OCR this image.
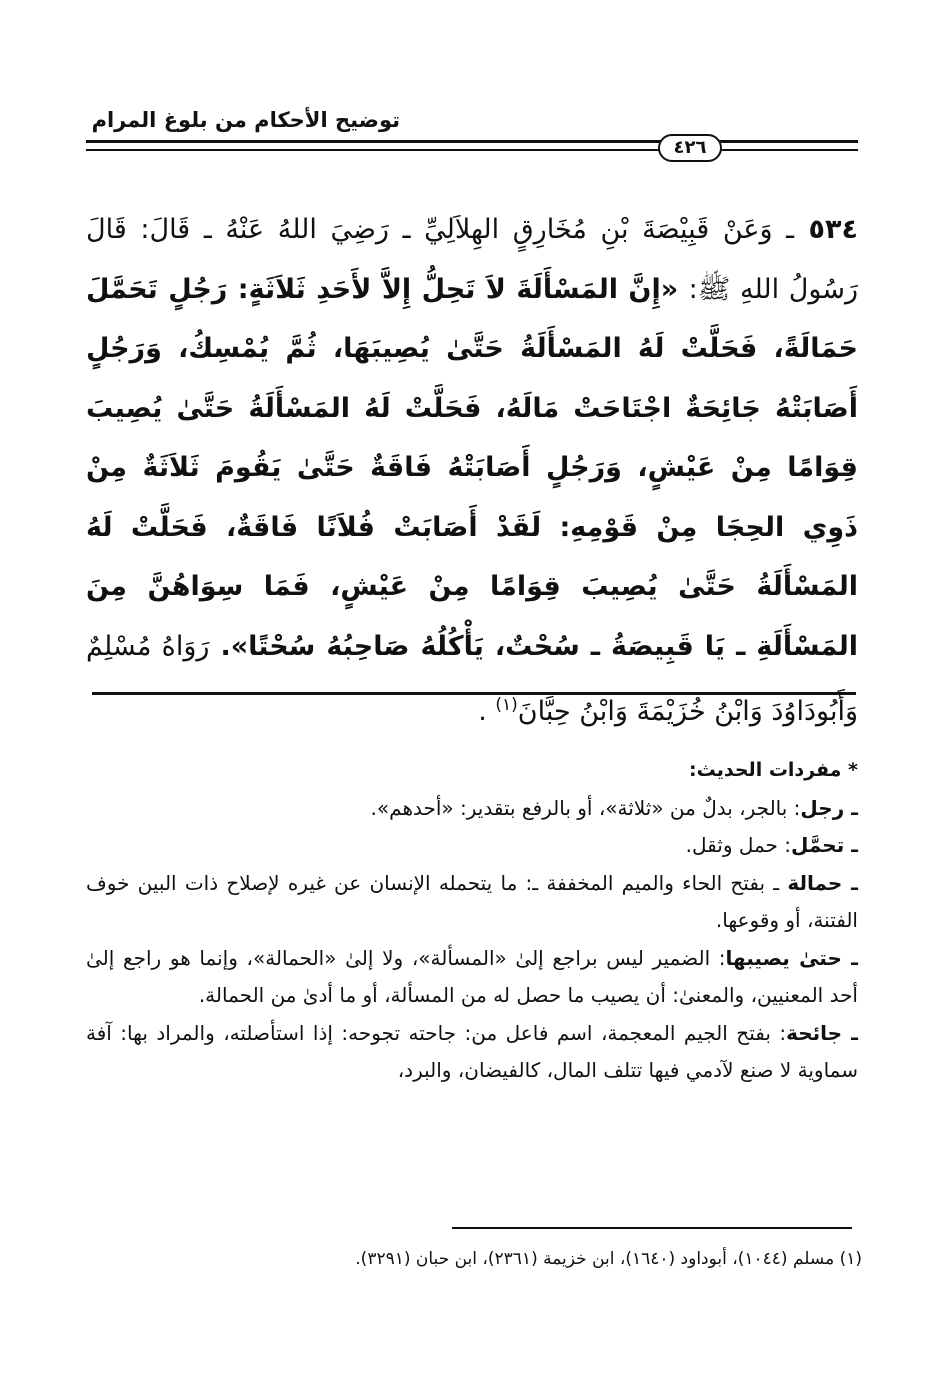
توضيح الأحكام من بلوغ المرام
٤٢٦
٥٣٤ ـ وَعَنْ قَبِيْصَةَ بْنِ مُخَارِقٍ الهِلاَلِيِّ ـ رَضِيَ اللهُ عَنْهُ ـ قَالَ: قَالَ رَسُولُ اللهِ ﷺ: «إِنَّ المَسْأَلَةَ لاَ تَحِلُّ إِلاَّ لأَحَدِ ثَلاَثَةٍ: رَجُلٍ تَحَمَّلَ حَمَالَةً، فَحَلَّتْ لَهُ المَسْأَلَةُ حَتَّىٰ يُصِيبَهَا، ثُمَّ يُمْسِكُ، وَرَجُلٍ أَصَابَتْهُ جَائِحَةٌ اجْتَاحَتْ مَالَهُ، فَحَلَّتْ لَهُ المَسْأَلَةُ حَتَّىٰ يُصِيبَ قِوَامًا مِنْ عَيْشٍ، وَرَجُلٍ أَصَابَتْهُ فَاقَةٌ حَتَّىٰ يَقُومَ ثَلاَثَةٌ مِنْ ذَوِي الحِجَا مِنْ قَوْمِهِ: لَقَدْ أَصَابَتْ فُلاَنًا فَاقَةٌ، فَحَلَّتْ لَهُ المَسْأَلَةُ حَتَّىٰ يُصِيبَ قِوَامًا مِنْ عَيْشٍ، فَمَا سِوَاهُنَّ مِنَ المَسْأَلَةِ ـ يَا قَبِيصَةُ ـ سُحْتٌ، يَأْكُلُهُ صَاحِبُهُ سُحْتًا». رَوَاهُ مُسْلِمٌ وَأَبُودَاوُدَ وَابْنُ خُزَيْمَةَ وَابْنُ حِبَّانَ$^{(١)}$ .
* مفردات الحديث:
ـ رجل: بالجر، بدلٌ من «ثلاثة»، أو بالرفع بتقدير: «أحدهم».
ـ تحمَّل: حمل وثقل.
ـ حمالة ـ بفتح الحاء والميم المخففة ـ: ما يتحمله الإنسان عن غيره لإصلاح ذات البين خوف الفتنة، أو وقوعها.
ـ حتىٰ يصيبها: الضمير ليس براجع إلىٰ «المسألة»، ولا إلىٰ «الحمالة»، وإنما هو راجع إلىٰ أحد المعنيين، والمعنىٰ: أن يصيب ما حصل له من المسألة، أو ما أدىٰ من الحمالة.
ـ جائحة: بفتح الجيم المعجمة، اسم فاعل من: جاحته تجوحه: إذا استأصلته، والمراد بها: آفة سماوية لا صنع لآدمي فيها تتلف المال، كالفيضان، والبرد،
(١) مسلم (١٠٤٤)، أبوداود (١٦٤٠)، ابن خزيمة (٢٣٦١)، ابن حبان (٣٢٩١).
